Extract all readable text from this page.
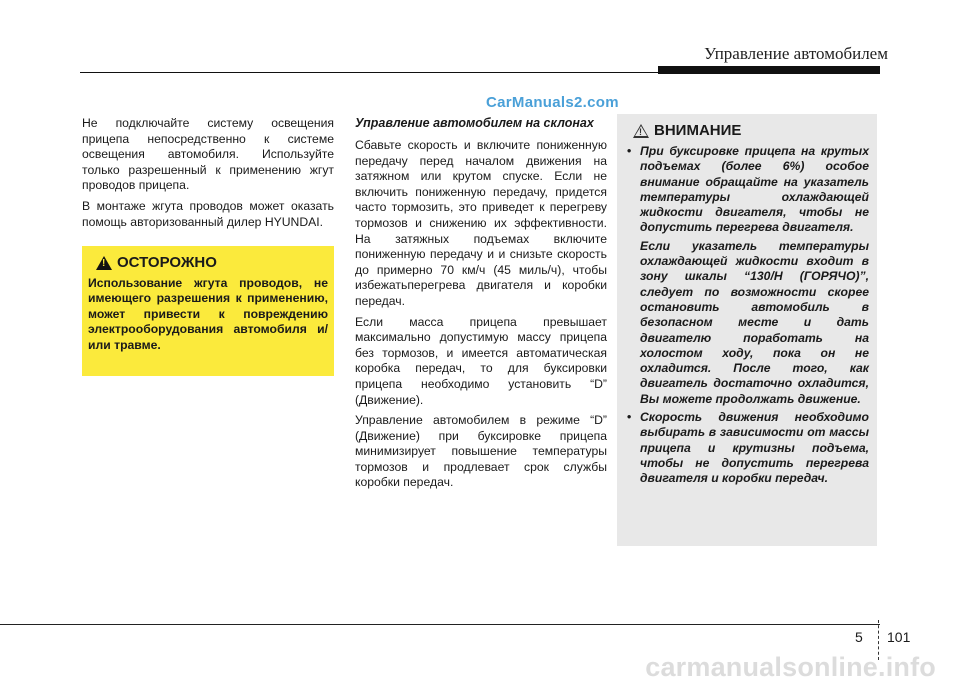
Управление автомобилем
CarManuals2.com

Не подключайте систему освещения прицепа непосредственно к системе освещения автомобиля. Используйте только разрешенный к применению жгут проводов прицепа.

В монтаже жгута проводов может оказать помощь авторизованный дилер HYUNDAI.

!
ОСТОРОЖНО

Использование жгута проводов, не имеющего разрешения к применению, может привести к повреждению электрооборудования автомобиля и/или травме.

Управление автомобилем на склонах

Сбавьте скорость и включите пониженную передачу перед началом движения на затяжном или крутом спуске. Если не включить пониженную передачу, придется часто тормозить, это приведет к перегреву тормозов и снижению их эффективности. На затяжных подъемах включите пониженную передачу и и снизьте скорость до примерно 70 км/ч (45 миль/ч), чтобы избежатьперегрева двигателя и коробки передач.

Если масса прицепа превышает максимально допустимую массу прицепа без тормозов, и имеется автоматическая коробка передач, то для буксировки прицепа необходимо установить “D” (Движение).

Управление автомобилем в режиме “D” (Движение) при буксировке прицепа минимизирует повышение температуры тормозов и продлевает срок службы коробки передач.

!
ВНИМАНИЕ
• При буксировке прицепа на крутых подъемах (более 6%) особое внимание обращайте на указатель температуры охлаждающей жидкости двигателя, чтобы не допустить перегрева двигателя.

Если указатель температуры охлаждающей жидкости входит в зону шкалы “130/H (ГОРЯЧО)”, следует по возможности скорее остановить автомобиль в безопасном месте и дать двигателю поработать на холостом ходу, пока он не охладится. После того, как двигатель достаточно охладится, Вы можете продолжать движение.

• Скорость движения необходимо выбирать в зависимости от массы прицепа и крутизны подъема, чтобы не допустить перегрева двигателя и коробки передач.

5 101
carmanualsonline.info
